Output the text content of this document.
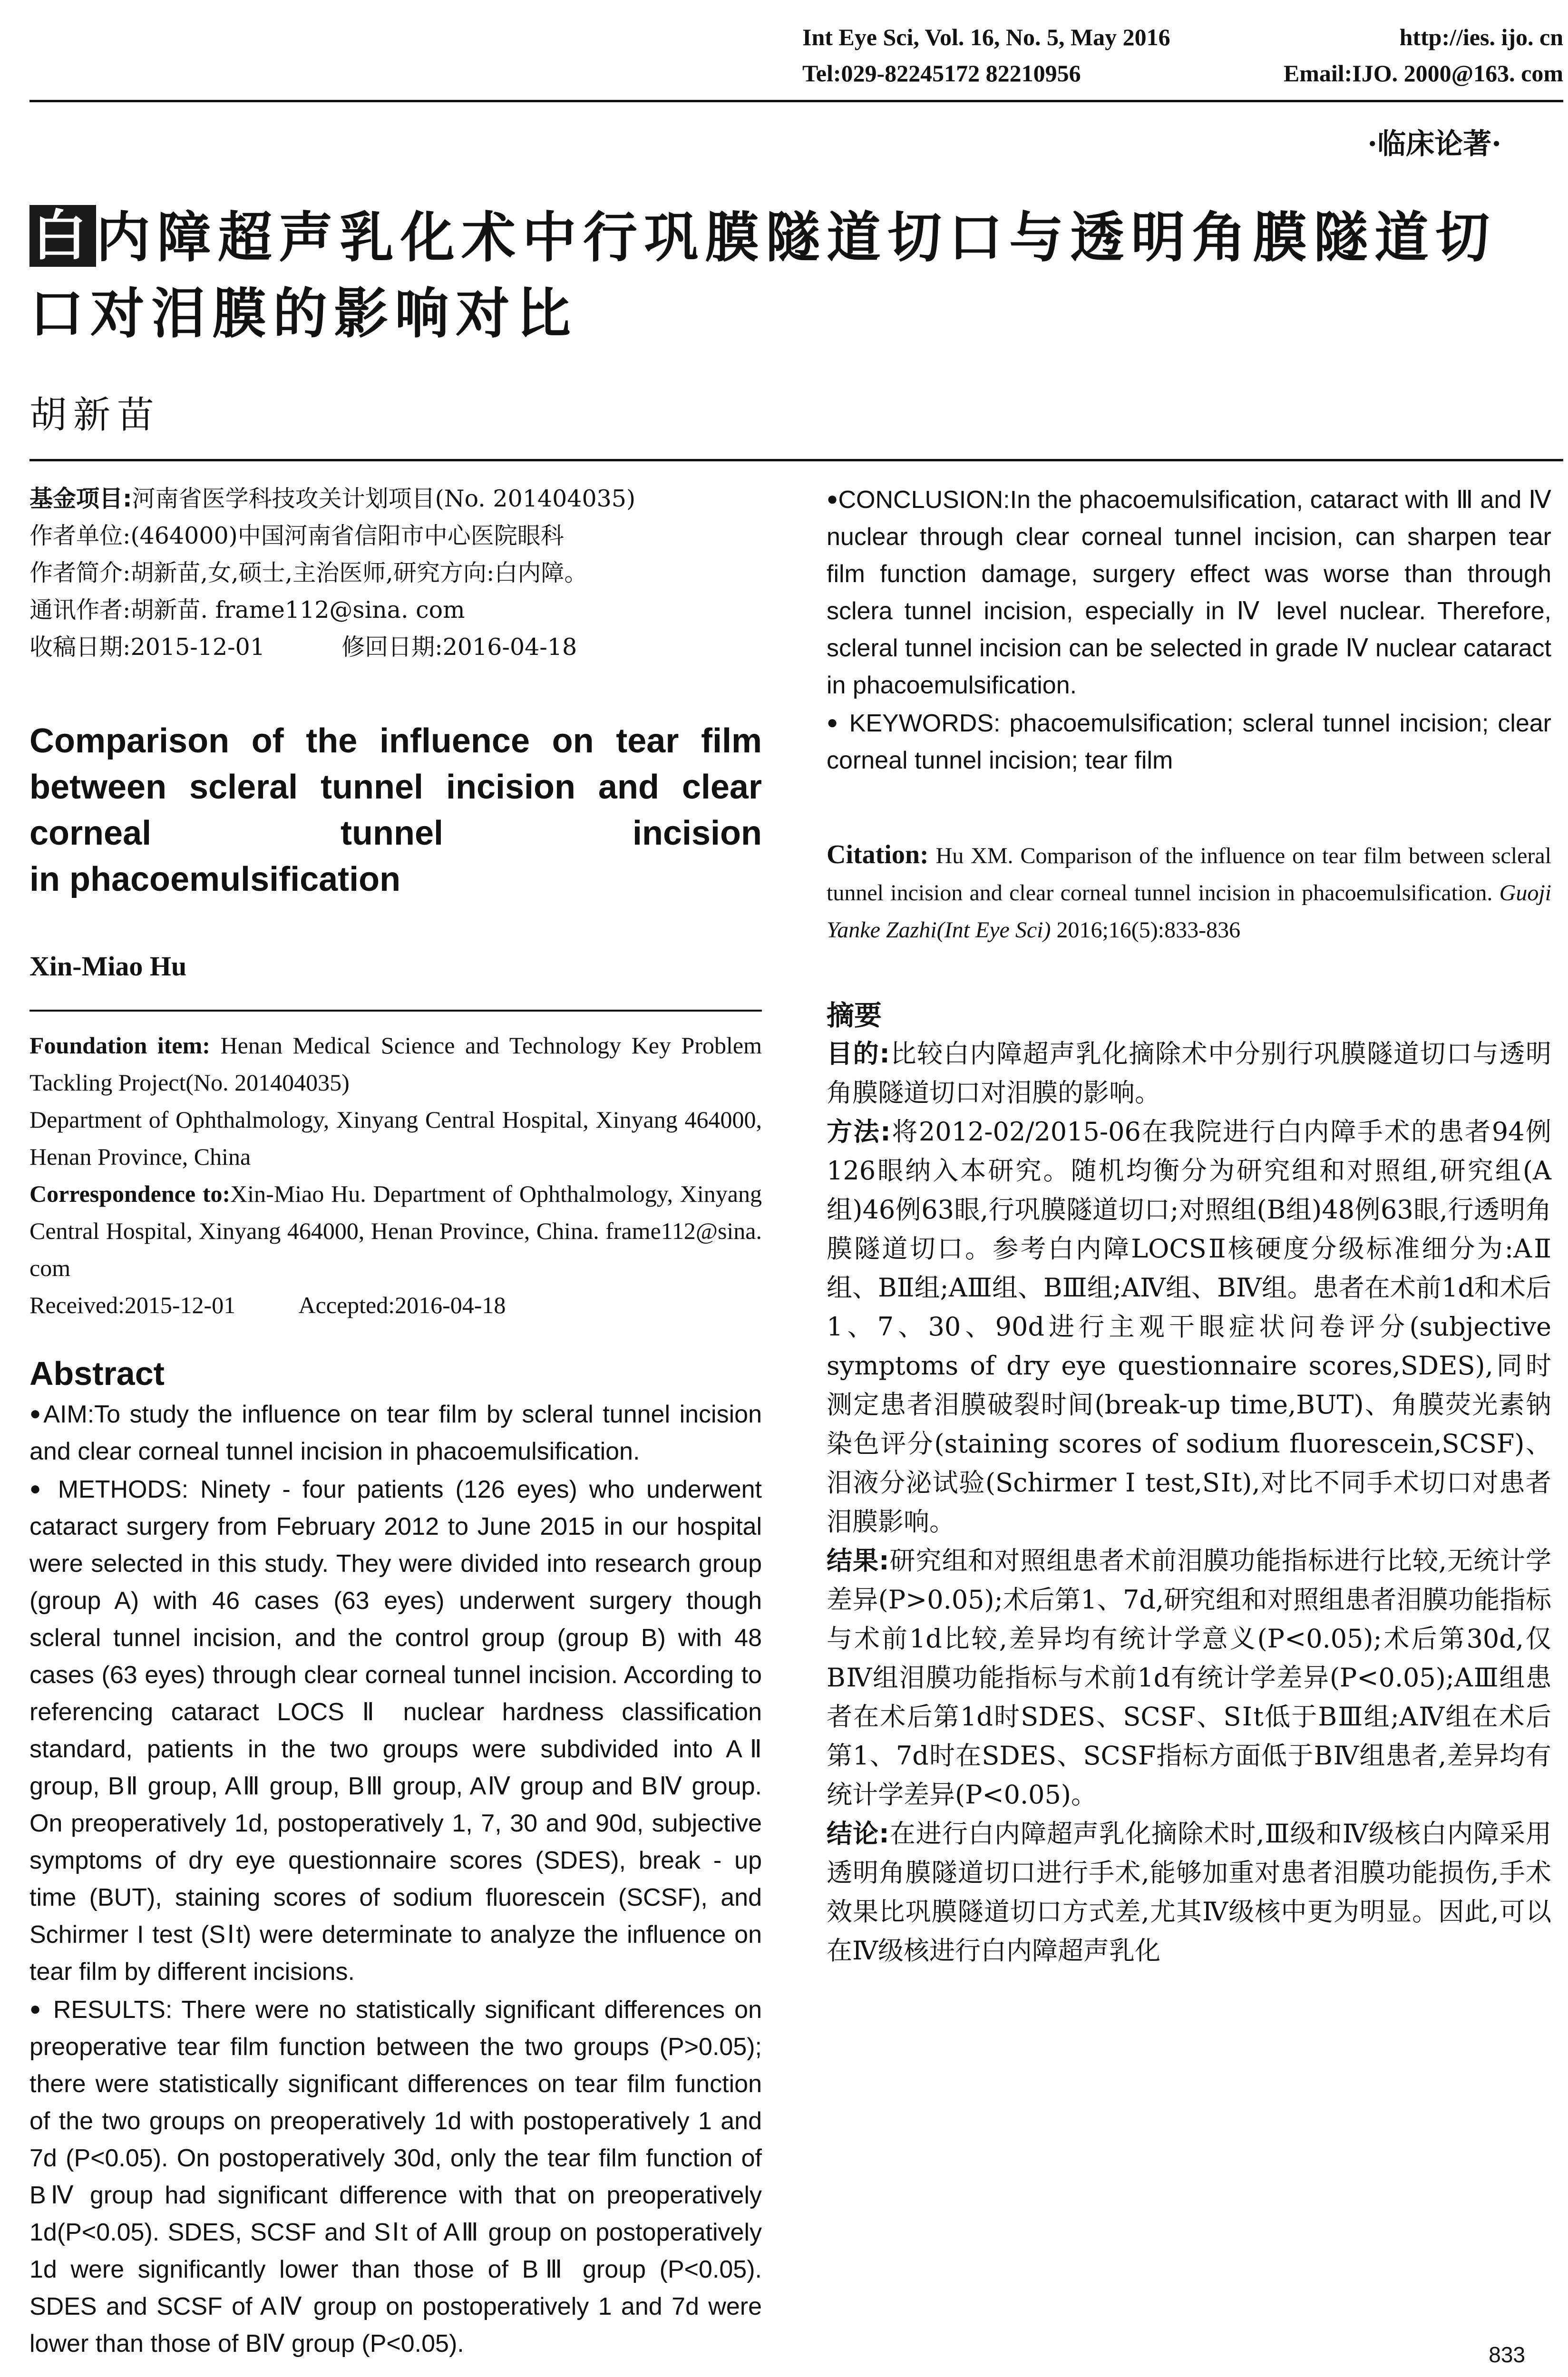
Int Eye Sci, Vol. 16, No. 5, May 2016	http://ies. ijo. cn
Tel:029-82245172 82210956	Email:IJO. 2000@163. com
·临床论著·
白内障超声乳化术中行巩膜隧道切口与透明角膜隧道切口对泪膜的影响对比
胡新苗
基金项目:河南省医学科技攻关计划项目(No. 201404035)
作者单位:(464000)中国河南省信阳市中心医院眼科
作者简介:胡新苗,女,硕士,主治医师,研究方向:白内障。
通讯作者:胡新苗. frame112@sina. com
收稿日期:2015-12-01	修回日期:2016-04-18
Comparison of the influence on tear film
between scleral tunnel incision and clear
corneal tunnel incision
in phacoemulsification
Xin-Miao Hu
Foundation item: Henan Medical Science and Technology Key Problem Tackling Project(No. 201404035)
Department of Ophthalmology, Xinyang Central Hospital, Xinyang 464000, Henan Province, China
Correspondence to:Xin-Miao Hu. Department of Ophthalmology, Xinyang Central Hospital, Xinyang 464000, Henan Province, China. frame112@sina. com
Received:2015-12-01	Accepted:2016-04-18
Abstract

●AIM:To study the influence on tear film by scleral tunnel incision and clear corneal tunnel incision in phacoemulsification.

● METHODS: Ninety - four patients (126 eyes) who underwent cataract surgery from February 2012 to June 2015 in our hospital were selected in this study. They were divided into research group (group A) with 46 cases (63 eyes) underwent surgery though scleral tunnel incision, and the control group (group B) with 48 cases (63 eyes) through clear corneal tunnel incision. According to referencing cataract LOCS Ⅱ nuclear hardness classification standard, patients in the two groups were subdivided into AⅡ group, BⅡ group, AⅢ group, BⅢ group, AⅣ group and BⅣ group. On preoperatively 1d, postoperatively 1, 7, 30 and 90d, subjective symptoms of dry eye questionnaire scores (SDES), break - up time (BUT), staining scores of sodium fluorescein (SCSF), and Schirmer I test (SⅠt) were determinate to analyze the influence on tear film by different incisions.

● RESULTS: There were no statistically significant differences on preoperative tear film function between the two groups (P>0.05); there were statistically significant differences on tear film function of the two groups on preoperatively 1d with postoperatively 1 and 7d (P<0.05). On postoperatively 30d, only the tear film function of BⅣ group had significant difference with that on preoperatively 1d(P<0.05). SDES, SCSF and SⅠt of AⅢ group on postoperatively 1d were significantly lower than those of BⅢ group (P<0.05). SDES and SCSF of AⅣ group on postoperatively 1 and 7d were lower than those of BⅣ group (P<0.05).

●CONCLUSION:In the phacoemulsification, cataract with Ⅲ and Ⅳ nuclear through clear corneal tunnel incision, can sharpen tear film function damage, surgery effect was worse than through sclera tunnel incision, especially in Ⅳ level nuclear. Therefore, scleral tunnel incision can be selected in grade Ⅳ nuclear cataract in phacoemulsification.

● KEYWORDS: phacoemulsification; scleral tunnel incision; clear corneal tunnel incision; tear film

Citation: Hu XM. Comparison of the influence on tear film between scleral tunnel incision and clear corneal tunnel incision in phacoemulsification. Guoji Yanke Zazhi(Int Eye Sci) 2016;16(5):833-836
摘要

目的:比较白内障超声乳化摘除术中分别行巩膜隧道切口与透明角膜隧道切口对泪膜的影响。

方法:将2012-02/2015-06在我院进行白内障手术的患者94例126眼纳入本研究。随机均衡分为研究组和对照组,研究组(A组)46例63眼,行巩膜隧道切口;对照组(B组)48例63眼,行透明角膜隧道切口。参考白内障LOCSⅡ核硬度分级标准细分为:AⅡ组、BⅡ组;AⅢ组、BⅢ组;AⅣ组、BⅣ组。患者在术前1d和术后1、7、30、90d进行主观干眼症状问卷评分(subjective symptoms of dry eye questionnaire scores,SDES),同时测定患者泪膜破裂时间(break-up time,BUT)、角膜荧光素钠染色评分(staining scores of sodium fluorescein,SCSF)、泪液分泌试验(Schirmer Ⅰ test,SⅠt),对比不同手术切口对患者泪膜影响。

结果:研究组和对照组患者术前泪膜功能指标进行比较,无统计学差异(P>0.05);术后第1、7d,研究组和对照组患者泪膜功能指标与术前1d比较,差异均有统计学意义(P<0.05);术后第30d,仅BⅣ组泪膜功能指标与术前1d有统计学差异(P<0.05);AⅢ组患者在术后第1d时SDES、SCSF、SⅠt低于BⅢ组;AⅣ组在术后第1、7d时在SDES、SCSF指标方面低于BⅣ组患者,差异均有统计学差异(P<0.05)。

结论:在进行白内障超声乳化摘除术时,Ⅲ级和Ⅳ级核白内障采用透明角膜隧道切口进行手术,能够加重对患者泪膜功能损伤,手术效果比巩膜隧道切口方式差,尤其Ⅳ级核中更为明显。因此,可以在Ⅳ级核进行白内障超声乳化

833
